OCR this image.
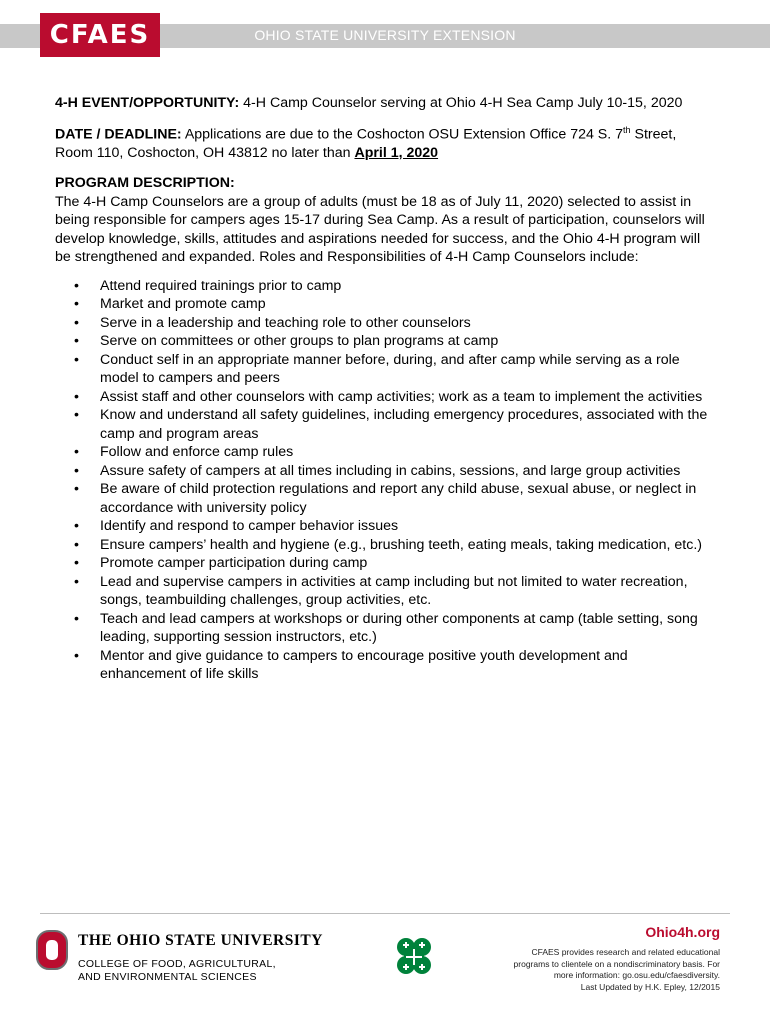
OHIO STATE UNIVERSITY EXTENSION
CFAES

4-H EVENT/OPPORTUNITY: 4-H Camp Counselor serving at Ohio 4-H Sea Camp July 10-15, 2020

DATE / DEADLINE: Applications are due to the Coshocton OSU Extension Office 724 S. 7th Street, Room 110, Coshocton, OH 43812 no later than April 1, 2020

PROGRAM DESCRIPTION:
The 4-H Camp Counselors are a group of adults (must be 18 as of July 11, 2020) selected to assist in being responsible for campers ages 15-17 during Sea Camp. As a result of participation, counselors will develop knowledge, skills, attitudes and aspirations needed for success, and the Ohio 4-H program will be strengthened and expanded. Roles and Responsibilities of 4-H Camp Counselors include:
• Attend required trainings prior to camp
• Market and promote camp
• Serve in a leadership and teaching role to other counselors
• Serve on committees or other groups to plan programs at camp
• Conduct self in an appropriate manner before, during, and after camp while serving as a role model to campers and peers
• Assist staff and other counselors with camp activities; work as a team to implement the activities
• Know and understand all safety guidelines, including emergency procedures, associated with the camp and program areas
• Follow and enforce camp rules
• Assure safety of campers at all times including in cabins, sessions, and large group activities
• Be aware of child protection regulations and report any child abuse, sexual abuse, or neglect in accordance with university policy
• Identify and respond to camper behavior issues
• Ensure campers’ health and hygiene (e.g., brushing teeth, eating meals, taking medication, etc.)
• Promote camper participation during camp
• Lead and supervise campers in activities at camp including but not limited to water recreation, songs, teambuilding challenges, group activities, etc.
• Teach and lead campers at workshops or during other components at camp (table setting, song leading, supporting session instructors, etc.)
• Mentor and give guidance to campers to encourage positive youth development and enhancement of life skills
THE OHIO STATE UNIVERSITY
COLLEGE OF FOOD, AGRICULTURAL,
AND ENVIRONMENTAL SCIENCES
Ohio4h.org
CFAES provides research and related educational
programs to clientele on a nondiscriminatory basis. For
more information: go.osu.edu/cfaesdiversity.
Last Updated by H.K. Epley, 12/2015
